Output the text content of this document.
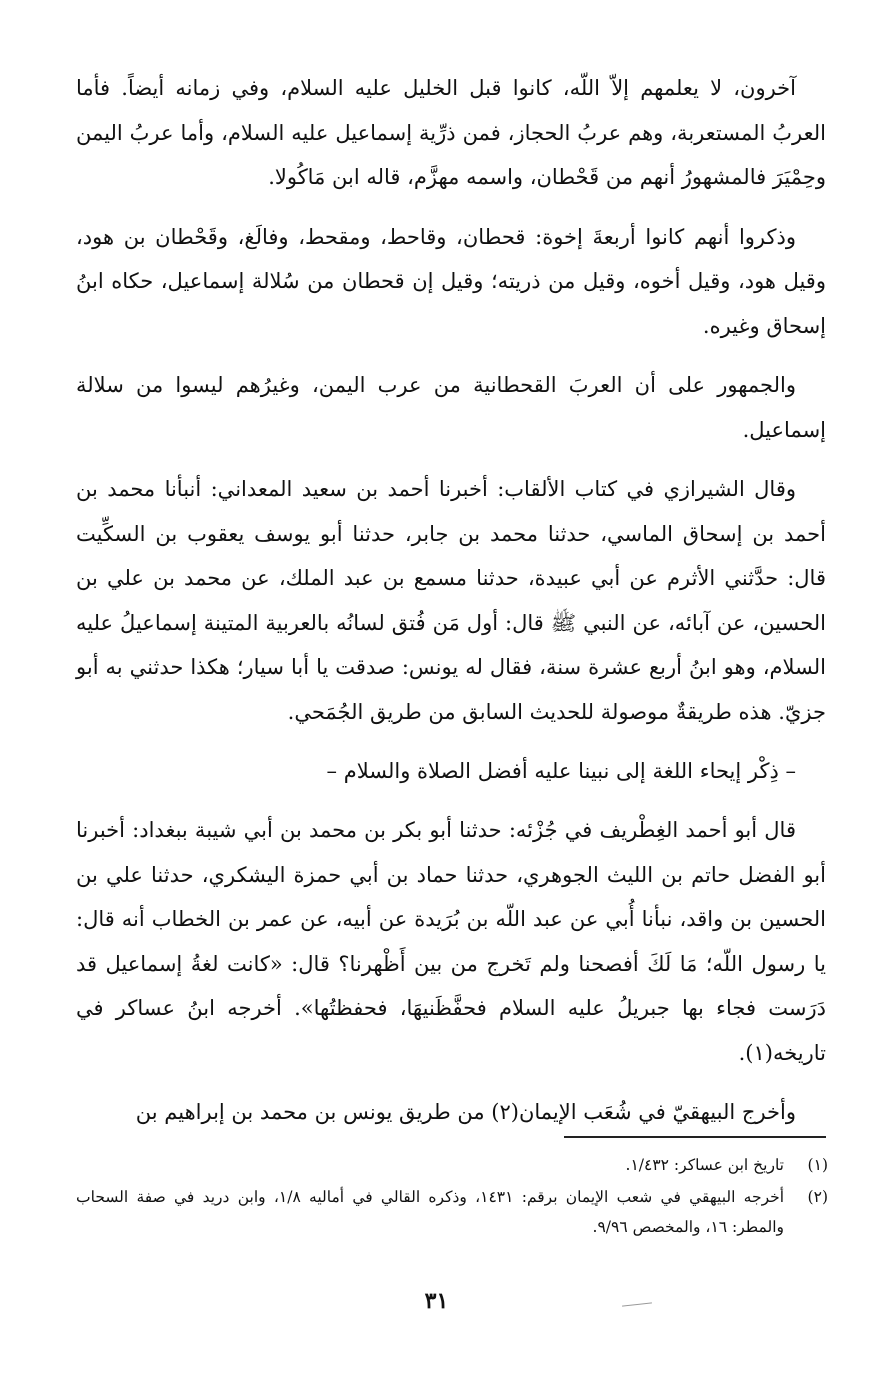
آخرون، لا يعلمهم إلاّ اللّه، كانوا قبل الخليل عليه السلام، وفي زمانه أيضاً. فأما العربُ المستعربة، وهم عربُ الحجاز، فمن ذرِّية إسماعيل عليه السلام، وأما عربُ اليمن وحِمْيَرَ فالمشهورُ أنهم من قَحْطان، واسمه مهزَّم، قاله ابن مَاكُولا.

وذكروا أنهم كانوا أربعةَ إخوة: قحطان، وقاحط، ومقحط، وفالَغ، وقَحْطان بن هود، وقيل هود، وقيل أخوه، وقيل من ذريته؛ وقيل إن قحطان من سُلالة إسماعيل، حكاه ابنُ إسحاق وغيره.

والجمهور على أن العربَ القحطانية من عرب اليمن، وغيرُهم ليسوا من سلالة إسماعيل.

وقال الشيرازي في كتاب الألقاب: أخبرنا أحمد بن سعيد المعداني: أنبأنا محمد بن أحمد بن إسحاق الماسي، حدثنا محمد بن جابر، حدثنا أبو يوسف يعقوب بن السكِّيت قال: حدَّثني الأثرم عن أبي عبيدة، حدثنا مسمع بن عبد الملك، عن محمد بن علي بن الحسين، عن آبائه، عن النبي ﷺ قال: أول مَن فُتق لسانُه بالعربية المتينة إسماعيلُ عليه السلام، وهو ابنُ أربع عشرة سنة، فقال له يونس: صدقت يا أبا سيار؛ هكذا حدثني به أبو جزيّ. هذه طريقةٌ موصولة للحديث السابق من طريق الجُمَحي.

– ذِكْر إيحاء اللغة إلى نبينا عليه أفضل الصلاة والسلام –

قال أبو أحمد الغِطْريف في جُزْئه: حدثنا أبو بكر بن محمد بن أبي شيبة ببغداد: أخبرنا أبو الفضل حاتم بن الليث الجوهري، حدثنا حماد بن أبي حمزة اليشكري، حدثنا علي بن الحسين بن واقد، نبأنا أُبي عن عبد اللّه بن بُرَيدة عن أبيه، عن عمر بن الخطاب أنه قال: يا رسول اللّه؛ مَا لَكَ أفصحنا ولم تَخرج من بين أَظْهرنا؟ قال: «كانت لغةُ إسماعيل قد دَرَست فجاء بها جبريلُ عليه السلام فحفَّظَنيهَا، فحفظتُها». أخرجه ابنُ عساكر في تاريخه(١).

وأخرج البيهقيّ في شُعَب الإيمان(٢) من طريق يونس بن محمد بن إبراهيم بن

(١)
تاريخ ابن عساكر: ١/٤٣٢.
(٢)
أخرجه البيهقي في شعب الإيمان برقم: ١٤٣١، وذكره القالي في أماليه ١/٨، وابن دريد في صفة السحاب والمطر: ١٦، والمخصص ٩/٩٦.
٣١
